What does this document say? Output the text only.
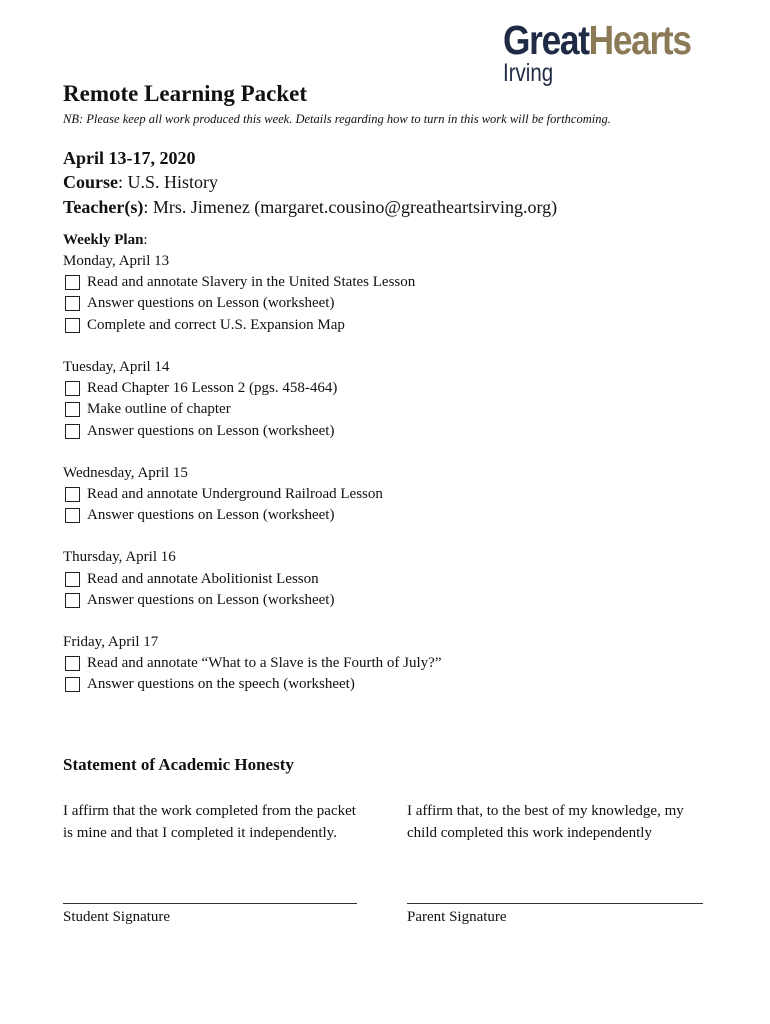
GreatHearts
Irving
Remote Learning Packet
NB: Please keep all work produced this week. Details regarding how to turn in this work will be forthcoming.
April 13-17, 2020
Course: U.S. History
Teacher(s): Mrs. Jimenez (margaret.cousino@greatheartsirving.org)
Weekly Plan:
Monday, April 13
Read and annotate Slavery in the United States Lesson
Answer questions on Lesson (worksheet)
Complete and correct U.S. Expansion Map
Tuesday, April 14
Read Chapter 16 Lesson 2 (pgs. 458-464)
Make outline of chapter
Answer questions on Lesson (worksheet)
Wednesday, April 15
Read and annotate Underground Railroad Lesson
Answer questions on Lesson (worksheet)
Thursday, April 16
Read and annotate Abolitionist Lesson
Answer questions on Lesson (worksheet)
Friday, April 17
Read and annotate “What to a Slave is the Fourth of July?”
Answer questions on the speech (worksheet)
Statement of Academic Honesty
I affirm that the work completed from the packet is mine and that I completed it independently.
I affirm that, to the best of my knowledge, my child completed this work independently
Student Signature	Parent Signature
